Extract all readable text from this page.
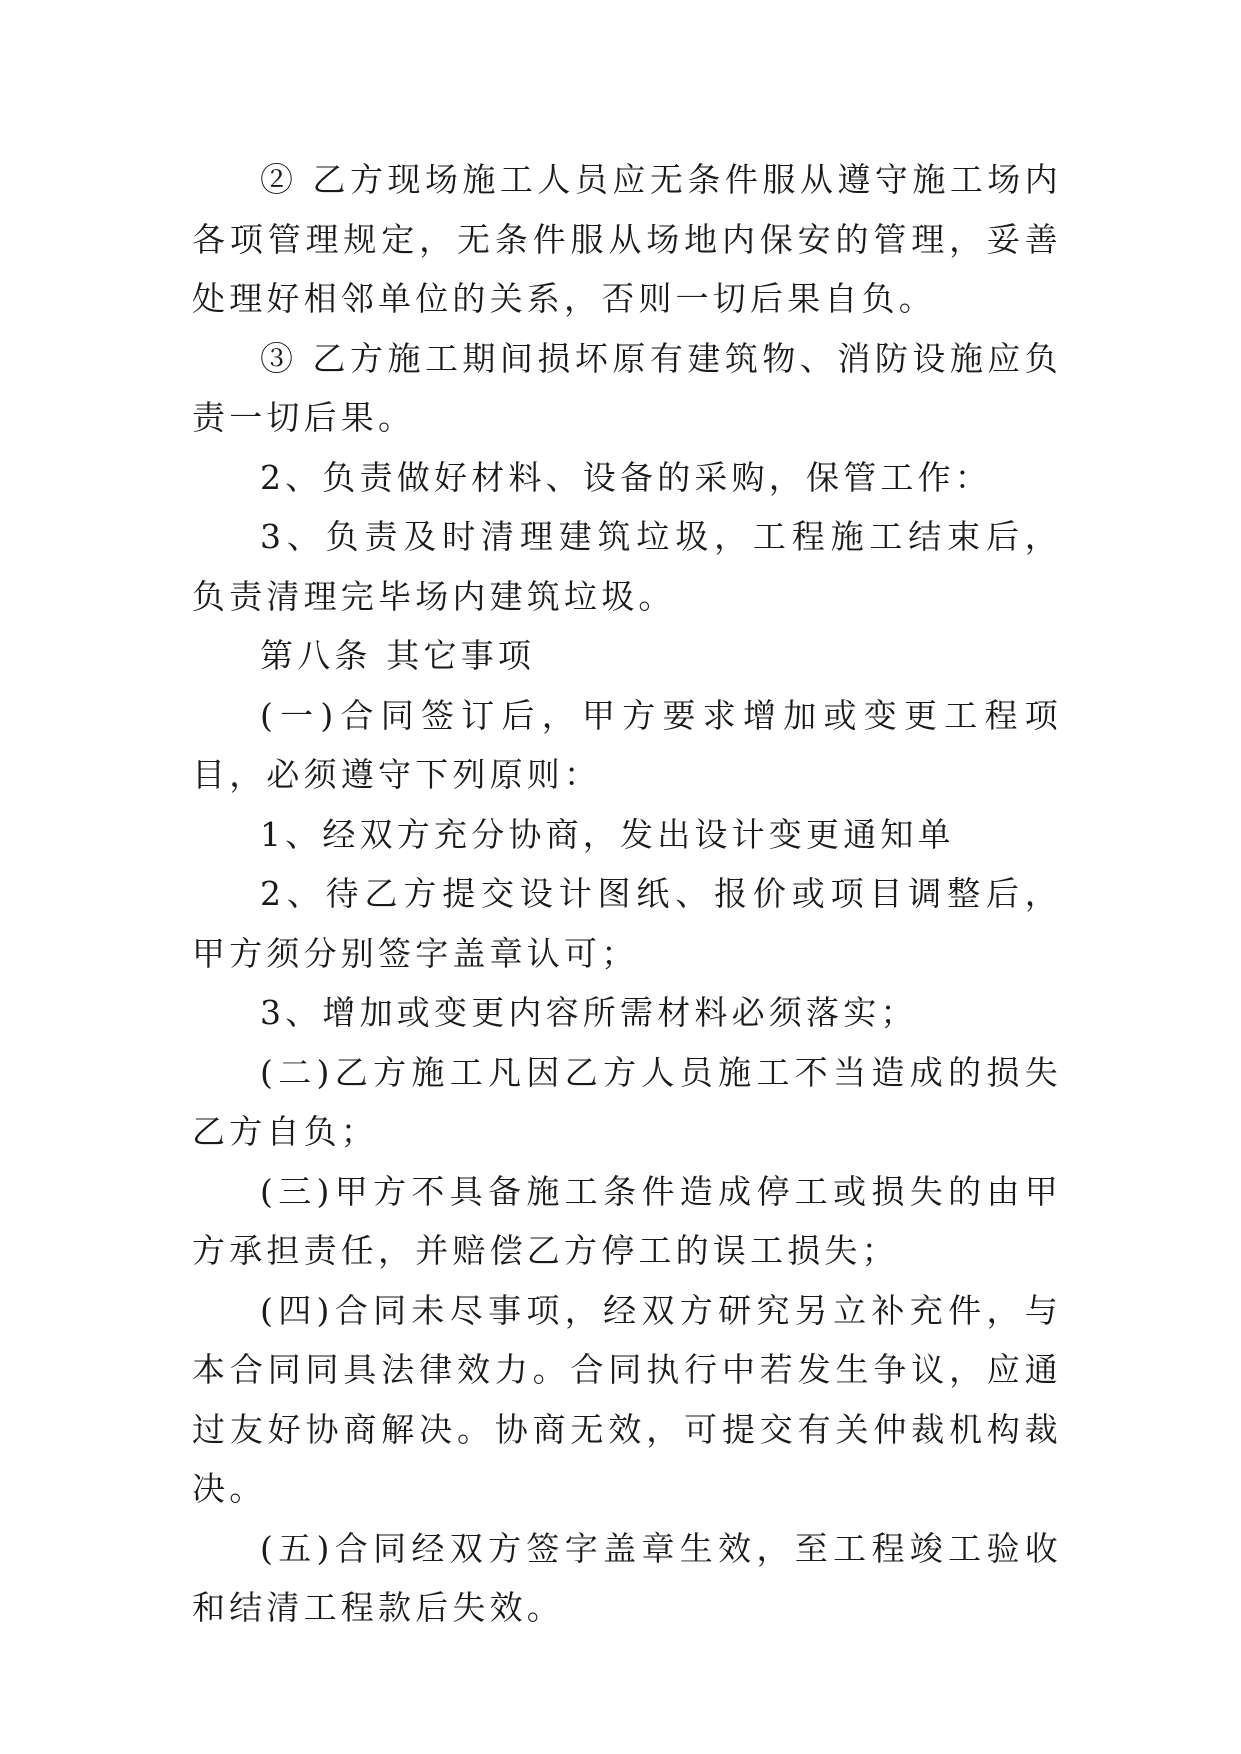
② 乙方现场施工人员应无条件服从遵守施工场内各项管理规定，无条件服从场地内保安的管理，妥善处理好相邻单位的关系，否则一切后果自负。

③ 乙方施工期间损坏原有建筑物、消防设施应负责一切后果。

2、负责做好材料、设备的采购，保管工作：

3、负责及时清理建筑垃圾，工程施工结束后，负责清理完毕场内建筑垃圾。

第八条 其它事项

(一)合同签订后，甲方要求增加或变更工程项目，必须遵守下列原则：

1、经双方充分协商，发出设计变更通知单

2、待乙方提交设计图纸、报价或项目调整后，甲方须分别签字盖章认可；

3、增加或变更内容所需材料必须落实；

(二)乙方施工凡因乙方人员施工不当造成的损失乙方自负；

(三)甲方不具备施工条件造成停工或损失的由甲方承担责任，并赔偿乙方停工的误工损失；

(四)合同未尽事项，经双方研究另立补充件，与本合同同具法律效力。合同执行中若发生争议，应通过友好协商解决。协商无效，可提交有关仲裁机构裁决。

(五)合同经双方签字盖章生效，至工程竣工验收和结清工程款后失效。
